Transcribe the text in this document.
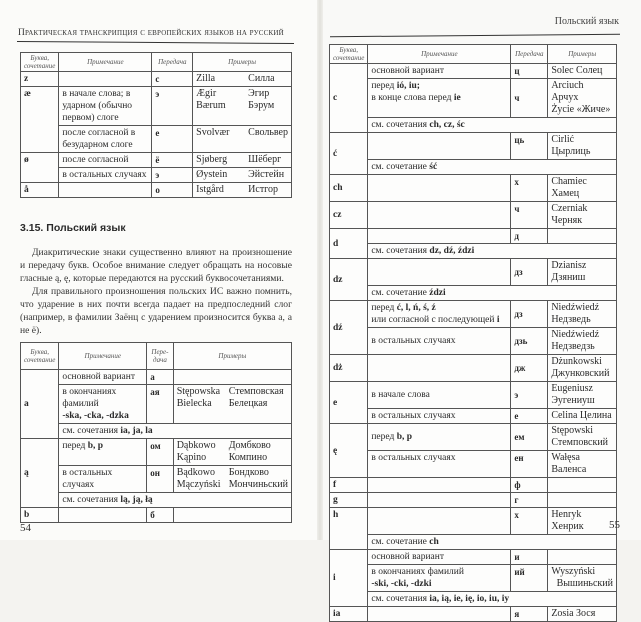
Практическая транскрипция с европейских языков на русский
Буква, сочетание	Примечание	Передача	Примеры
z		с	Zilla Силла

æ	в начале слова; в ударном (обычно первом) слоге	э	Ægir Эгир
Bærum Бэрум

	после согласной в безударном слоге	е	Svolvær Свольвер

ø	после согласной	ё	Sjøberg Шёберг

	в остальных случаях	э	Øystein Эйстейн

å		о	Istgård Истгор
3.15. Польский язык
Диакритические знаки существенно влияют на произношение и передачу букв. Особое внимание следует обращать на носовые гласные ą, ę, которые передаются на русский буквосочетаниями.
Для правильного произношения польских ИС важно помнить, что ударение в них почти всегда падает на предпоследний слог (например, в фамилии Заёнц с ударением произносится буква а, а не ё).
Буква, сочетание	Примечание	Пере-дача	Примеры
a	основной вариант	а	
в окончаниях фамилий
-ska, -cka, -dzka	ая	Stępowska Стемповская
Bielecka	Белецкая

	см. сочетания ia, ja, la		
ą	перед b, p	ом	Dąbkowo Домбково
Kąpino Компино

	в остальных случаях	он	Bądkowo Бондково
Mączyński Мончиньский

	см. сочетания lą, ją, łą		
b		б	
54
Польский язык
Буква, сочетание	Примечание	Передача	Примеры
c	основной вариант	ц	Solec Солец
перед ió, iu;
в конце слова перед ie	ч	
Arciuch Арчух
Życie «Жиче»

	см. сочетания ch, cz, śc		
ć		ць	Cirlić Цырлиць
	см. сочетание ść		
ch		х	Chamiec Хамец
cz		ч	Czerniak Черняк
d		д	
	см. сочетания dz, dź, ździ		
dz		дз	Dzianisz
Дзяниш

	см. сочетание ździ		
dź	перед ć, l, ń, ś, ź
или согласной с последующей i	дз	
Niedźwiedź
Недзведь

	в остальных случаях	дзь	Niedźwiedź
Недзведзь

dż		дж	Dżunkowski
Джунковский

e	в начале слова	э	Eugeniusz
Эугениуш

	в остальных случаях	е	Celina Целина
ę	перед b, p	ем	Stępowski
Стемповский

	в остальных случаях	ен	Wałęsa Валенса
f		ф	
g		г	
h		х	Henryk Хенрик
	см. сочетание ch		
i	основной вариант	и	
в окончаниях фамилий
-ski, -cki, -dzki	ий	Wyszyński
Вышиньский

	см. сочетания ia, ią, ie, ię, io, iu, iy		
ia		я	Zosia Зося
55
